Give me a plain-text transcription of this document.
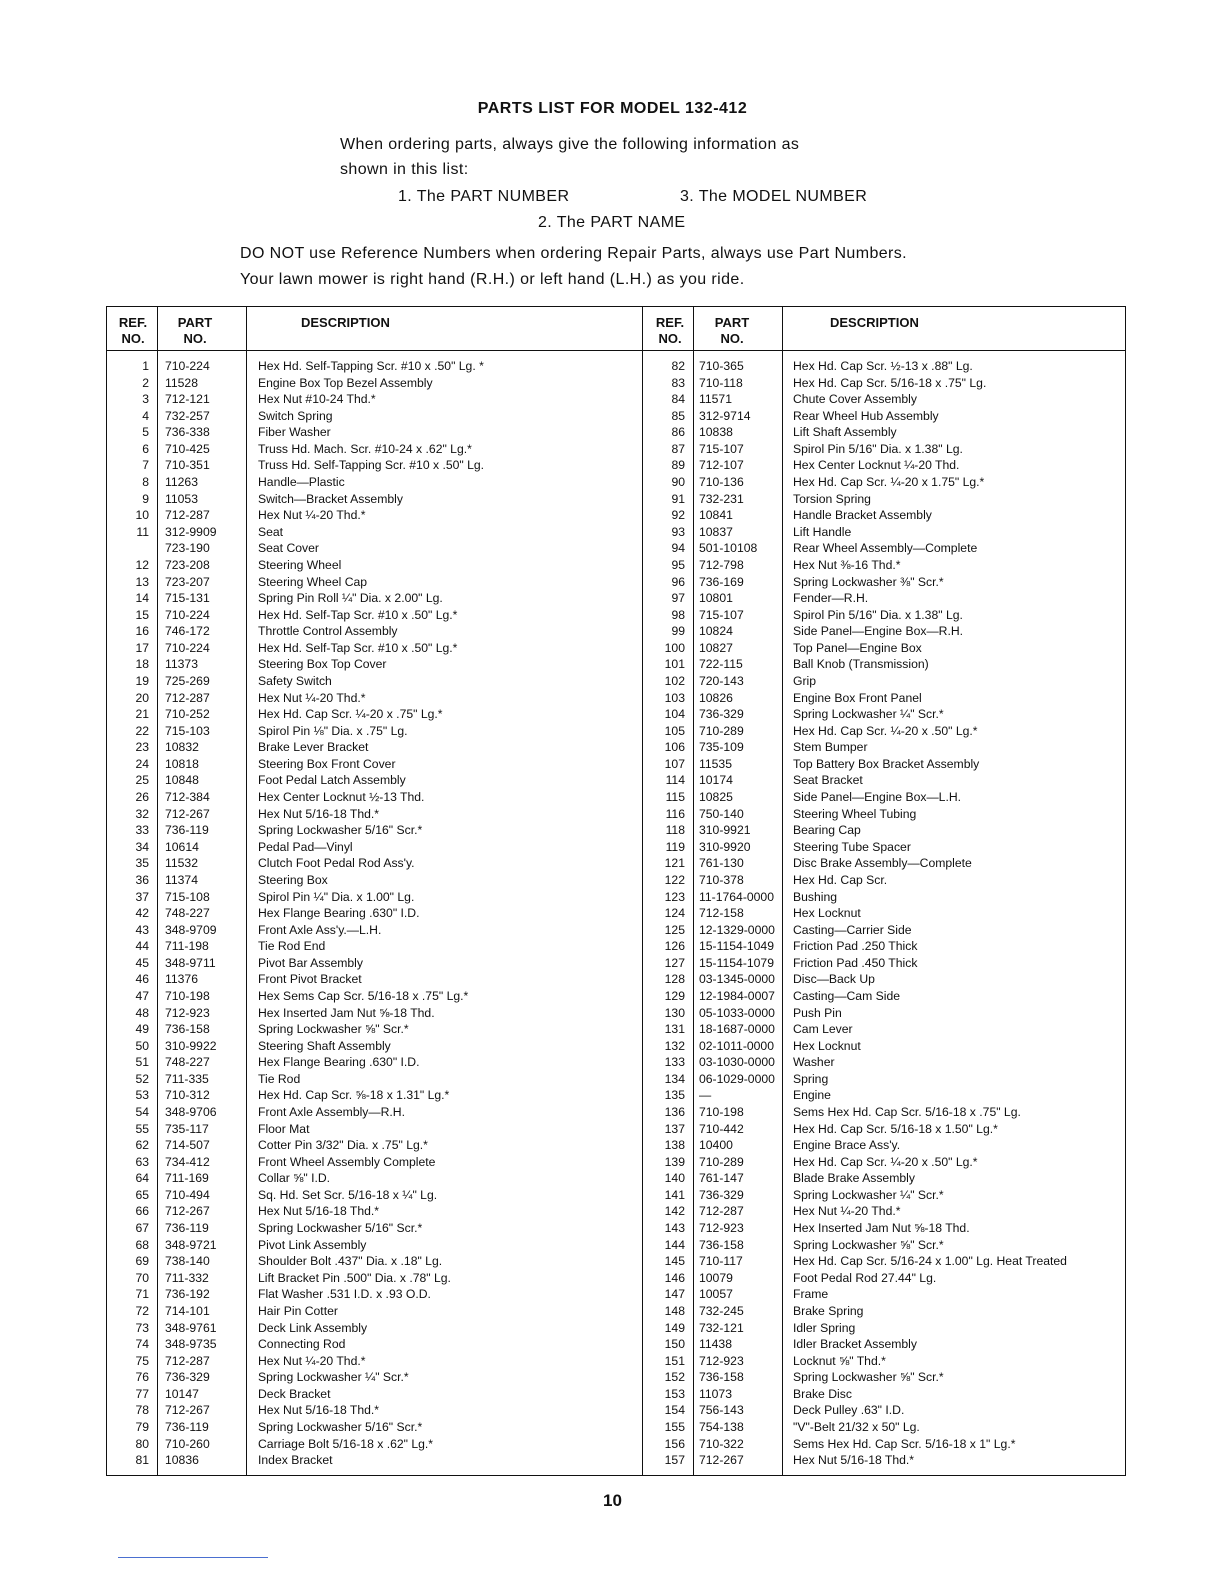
PARTS LIST FOR MODEL 132-412
When ordering parts, always give the following information as
shown in this list:
1. The PART NUMBER	3. The MODEL NUMBER
2. The PART NAME
DO NOT use Reference Numbers when ordering Repair Parts, always use Part Numbers.
Your lawn mower is right hand (R.H.) or left hand (L.H.) as you ride.
REF. NO.
PART NO.
DESCRIPTION	REF. NO.
PART NO.
DESCRIPTION
1
2
3
4
5
6
7
8
9
10
11
12
13
14
15
16
17
18
19
20
21
22
23
24
25
26
32
33
34
35
36
37
42
43
44
45
46
47
48
49
50
51
52
53
54
55
62
63
64
65
66
67
68
69
70
71
72
73
74
75
76
77
78
79
80
81
710-224
11528
712-121
732-257
736-338
710-425
710-351
11263
11053
712-287
312-9909
723-190
723-208
723-207
715-131
710-224
746-172
710-224
11373
725-269
712-287
710-252
715-103
10832
10818
10848
712-384
712-267
736-119
10614
11532
11374
715-108
748-227
348-9709
711-198
348-9711
11376
710-198
712-923
736-158
310-9922
748-227
711-335
710-312
348-9706
735-117
714-507
734-412
711-169
710-494
712-267
736-119
348-9721
738-140
711-332
736-192
714-101
348-9761
348-9735
712-287
736-329
10147
712-267
736-119
710-260
10836
Hex Hd. Self-Tapping Scr. #10 x .50" Lg. *
Engine Box Top Bezel Assembly
Hex Nut #10-24 Thd.*
Switch Spring
Fiber Washer
Truss Hd. Mach. Scr. #10-24 x .62" Lg.*
Truss Hd. Self-Tapping Scr. #10 x .50" Lg.
Handle—Plastic
Switch—Bracket Assembly
Hex Nut ¼-20 Thd.*
Seat
Seat Cover
Steering Wheel
Steering Wheel Cap
Spring Pin Roll ¼" Dia. x 2.00" Lg.
Hex Hd. Self-Tap Scr. #10 x .50" Lg.*
Throttle Control Assembly
Hex Hd. Self-Tap Scr. #10 x .50" Lg.*
Steering Box Top Cover
Safety Switch
Hex Nut ¼-20 Thd.*
Hex Hd. Cap Scr. ¼-20 x .75" Lg.*
Spirol Pin ⅛" Dia. x .75" Lg.
Brake Lever Bracket
Steering Box Front Cover
Foot Pedal Latch Assembly
Hex Center Locknut ½-13 Thd.
Hex Nut 5/16-18 Thd.*
Spring Lockwasher 5/16" Scr.*
Pedal Pad—Vinyl
Clutch Foot Pedal Rod Ass'y.
Steering Box
Spirol Pin ¼" Dia. x 1.00" Lg.
Hex Flange Bearing .630" I.D.
Front Axle Ass'y.—L.H.
Tie Rod End
Pivot Bar Assembly
Front Pivot Bracket
Hex Sems Cap Scr. 5/16-18 x .75" Lg.*
Hex Inserted Jam Nut ⅝-18 Thd.
Spring Lockwasher ⅝" Scr.*
Steering Shaft Assembly
Hex Flange Bearing .630" I.D.
Tie Rod
Hex Hd. Cap Scr. ⅝-18 x 1.31" Lg.*
Front Axle Assembly—R.H.
Floor Mat
Cotter Pin 3/32" Dia. x .75" Lg.*
Front Wheel Assembly Complete
Collar ⅝" I.D.
Sq. Hd. Set Scr. 5/16-18 x ¼" Lg.
Hex Nut 5/16-18 Thd.*
Spring Lockwasher 5/16" Scr.*
Pivot Link Assembly
Shoulder Bolt .437" Dia. x .18" Lg.
Lift Bracket Pin .500" Dia. x .78" Lg.
Flat Washer .531 I.D. x .93 O.D.
Hair Pin Cotter
Deck Link Assembly
Connecting Rod
Hex Nut ¼-20 Thd.*
Spring Lockwasher ¼" Scr.*
Deck Bracket
Hex Nut 5/16-18 Thd.*
Spring Lockwasher 5/16" Scr.*
Carriage Bolt 5/16-18 x .62" Lg.*
Index Bracket
82
83
84
85
86
87
89
90
91
92
93
94
95
96
97
98
99
100
101
102
103
104
105
106
107
114
115
116
118
119
121
122
123
124
125
126
127
128
129
130
131
132
133
134
135
136
137
138
139
140
141
142
143
144
145
146
147
148
149
150
151
152
153
154
155
156
157
710-365
710-118
11571
312-9714
10838
715-107
712-107
710-136
732-231
10841
10837
501-10108
712-798
736-169
10801
715-107
10824
10827
722-115
720-143
10826
736-329
710-289
735-109
11535
10174
10825
750-140
310-9921
310-9920
761-130
710-378
11-1764-0000
712-158
12-1329-0000
15-1154-1049
15-1154-1079
03-1345-0000
12-1984-0007
05-1033-0000
18-1687-0000
02-1011-0000
03-1030-0000
06-1029-0000
—
710-198
710-442
10400
710-289
761-147
736-329
712-287
712-923
736-158
710-117
10079
10057
732-245
732-121
11438
712-923
736-158
11073
756-143
754-138
710-322
712-267
Hex Hd. Cap Scr. ½-13 x .88" Lg.
Hex Hd. Cap Scr. 5/16-18 x .75" Lg.
Chute Cover Assembly
Rear Wheel Hub Assembly
Lift Shaft Assembly
Spirol Pin 5/16" Dia. x 1.38" Lg.
Hex Center Locknut ¼-20 Thd.
Hex Hd. Cap Scr. ¼-20 x 1.75" Lg.*
Torsion Spring
Handle Bracket Assembly
Lift Handle
Rear Wheel Assembly—Complete
Hex Nut ⅜-16 Thd.*
Spring Lockwasher ⅜" Scr.*
Fender—R.H.
Spirol Pin 5/16" Dia. x 1.38" Lg.
Side Panel—Engine Box—R.H.
Top Panel—Engine Box
Ball Knob (Transmission)
Grip
Engine Box Front Panel
Spring Lockwasher ¼" Scr.*
Hex Hd. Cap Scr. ¼-20 x .50" Lg.*
Stem Bumper
Top Battery Box Bracket Assembly
Seat Bracket
Side Panel—Engine Box—L.H.
Steering Wheel Tubing
Bearing Cap
Steering Tube Spacer
Disc Brake Assembly—Complete
Hex Hd. Cap Scr.
Bushing
Hex Locknut
Casting—Carrier Side
Friction Pad .250 Thick
Friction Pad .450 Thick
Disc—Back Up
Casting—Cam Side
Push Pin
Cam Lever
Hex Locknut
Washer
Spring
Engine
Sems Hex Hd. Cap Scr. 5/16-18 x .75" Lg.
Hex Hd. Cap Scr. 5/16-18 x 1.50" Lg.*
Engine Brace Ass'y.
Hex Hd. Cap Scr. ¼-20 x .50" Lg.*
Blade Brake Assembly
Spring Lockwasher ¼" Scr.*
Hex Nut ¼-20 Thd.*
Hex Inserted Jam Nut ⅝-18 Thd.
Spring Lockwasher ⅝" Scr.*
Hex Hd. Cap Scr. 5/16-24 x 1.00" Lg. Heat Treated
Foot Pedal Rod 27.44" Lg.
Frame
Brake Spring
Idler Spring
Idler Bracket Assembly
Locknut ⅝" Thd.*
Spring Lockwasher ⅝" Scr.*
Brake Disc
Deck Pulley .63" I.D.
"V"-Belt 21/32 x 50" Lg.
Sems Hex Hd. Cap Scr. 5/16-18 x 1" Lg.*
Hex Nut 5/16-18 Thd.*
10
